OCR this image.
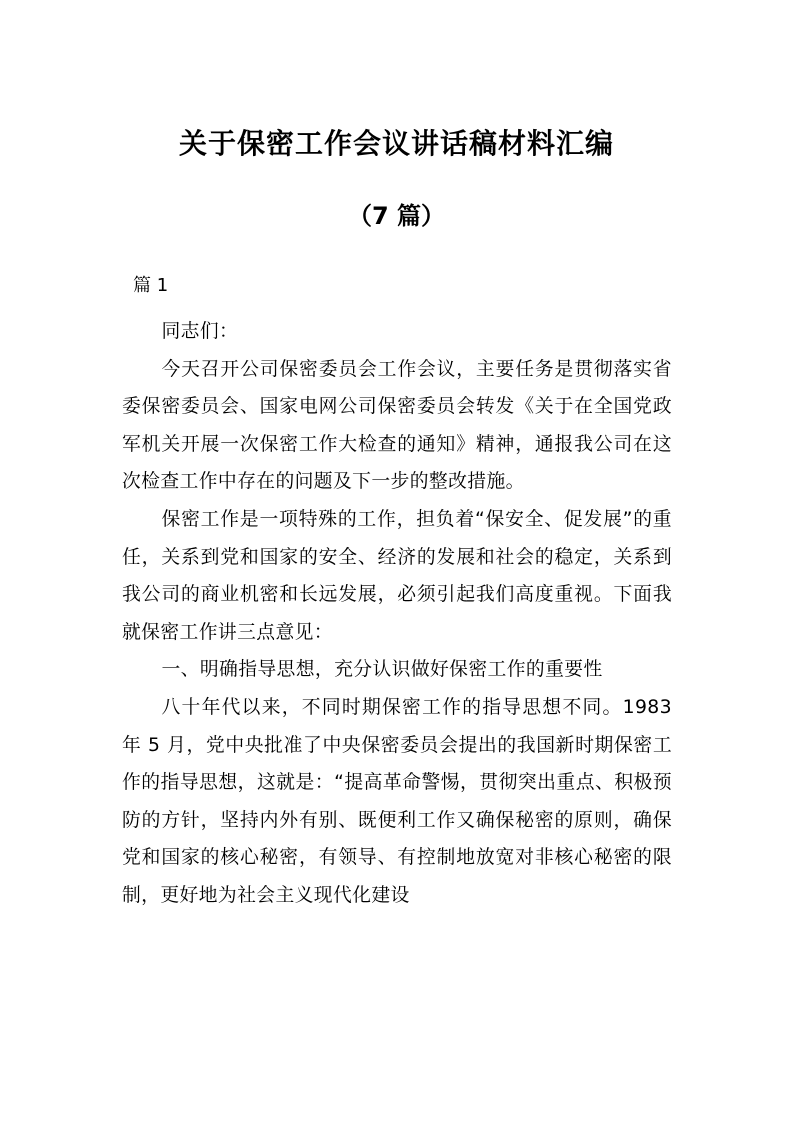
关于保密工作会议讲话稿材料汇编
（7 篇）
篇 1

同志们：

今天召开公司保密委员会工作会议，主要任务是贯彻落实省委保密委员会、国家电网公司保密委员会转发《关于在全国党政军机关开展一次保密工作大检查的通知》精神，通报我公司在这次检查工作中存在的问题及下一步的整改措施。

保密工作是一项特殊的工作，担负着“保安全、促发展”的重任，关系到党和国家的安全、经济的发展和社会的稳定，关系到我公司的商业机密和长远发展，必须引起我们高度重视。下面我就保密工作讲三点意见：

一、明确指导思想，充分认识做好保密工作的重要性

八十年代以来，不同时期保密工作的指导思想不同。1983 年 5 月，党中央批准了中央保密委员会提出的我国新时期保密工作的指导思想，这就是：“提高革命警惕，贯彻突出重点、积极预防的方针，坚持内外有别、既便利工作又确保秘密的原则，确保党和国家的核心秘密，有领导、有控制地放宽对非核心秘密的限制，更好地为社会主义现代化建设
